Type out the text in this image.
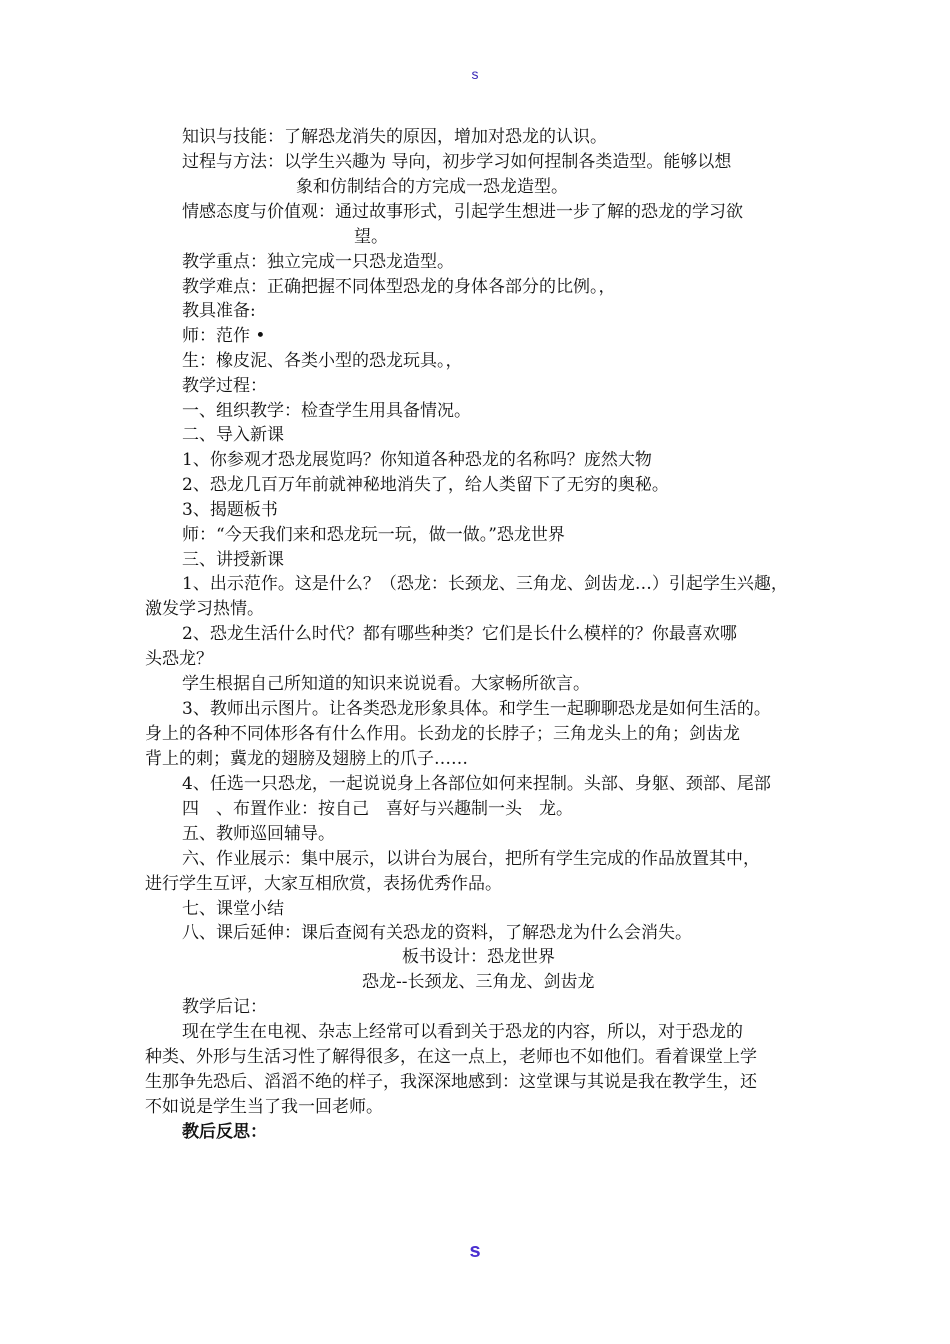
s
知识与技能：了解恐龙消失的原因，增加对恐龙的认识。
过程与方法：以学生兴趣为 导向，初步学习如何捏制各类造型。能够以想
象和仿制结合的方完成一恐龙造型。
情感态度与价值观：通过故事形式，引起学生想进一步了解的恐龙的学习欲
望。
教学重点：独立完成一只恐龙造型。
教学难点：正确把握不同体型恐龙的身体各部分的比例。，
教具准备:
师：范作 •
生：橡皮泥、各类小型的恐龙玩具。，
教学过程：
一、组织教学：检查学生用具备情况。
二、导入新课
1、你参观才恐龙展览吗？你知道各种恐龙的名称吗？庞然大物
2、恐龙几百万年前就神秘地消失了，给人类留下了无穷的奥秘。
3、揭题板书
师：“今天我们来和恐龙玩一玩，做一做。”恐龙世界
三、讲授新课
1、出示范作。这是什么？（恐龙：长颈龙、三角龙、剑齿龙…）引起学生兴趣，
激发学习热情。
2、恐龙生活什么时代？都有哪些种类？它们是长什么模样的？你最喜欢哪
头恐龙？
学生根据自己所知道的知识来说说看。大家畅所欲言。
3、教师出示图片。让各类恐龙形象具体。和学生一起聊聊恐龙是如何生活的。
身上的各种不同体形各有什么作用。长劲龙的长脖子；三角龙头上的角；剑齿龙
背上的刺；冀龙的翅膀及翅膀上的爪子……
4、任选一只恐龙，一起说说身上各部位如何来捏制。头部、身躯、颈部、尾部
四　、布置作业：按自己　喜好与兴趣制一头　龙。
五、教师巡回辅导。
六、作业展示：集中展示，以讲台为展台，把所有学生完成的作品放置其中，
进行学生互评，大家互相欣赏，表扬优秀作品。
七、课堂小结
八、课后延伸：课后查阅有关恐龙的资料，了解恐龙为什么会消失。
板书设计：恐龙世界
恐龙--长颈龙、三角龙、剑齿龙
教学后记：
现在学生在电视、杂志上经常可以看到关于恐龙的内容，所以，对于恐龙的
种类、外形与生活习性了解得很多，在这一点上，老师也不如他们。看着课堂上学
生那争先恐后、滔滔不绝的样子，我深深地感到：这堂课与其说是我在教学生，还
不如说是学生当了我一回老师。
教后反思：
s
